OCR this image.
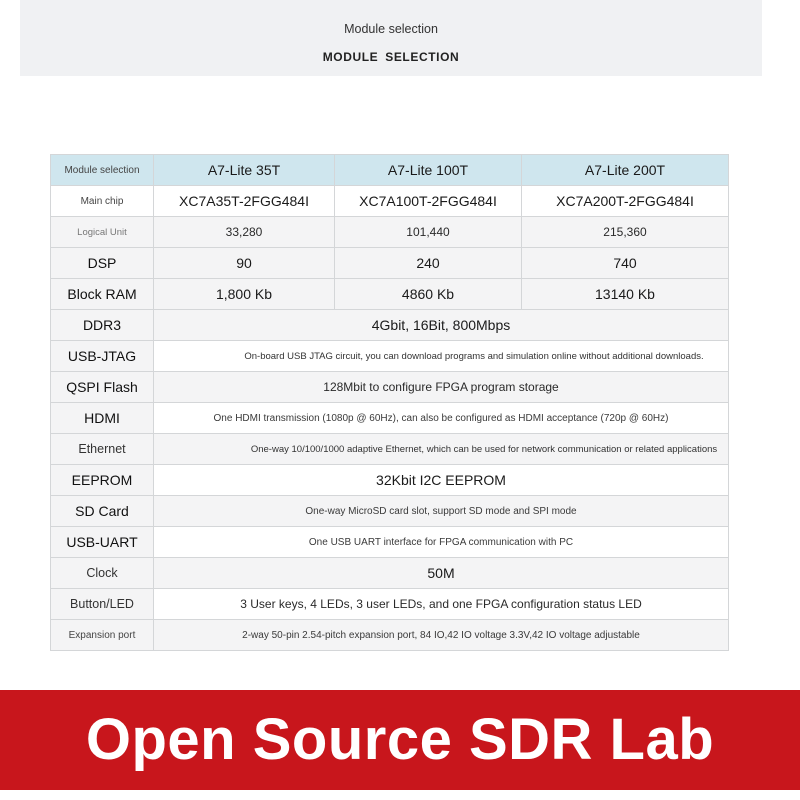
Module selection
MODULE SELECTION
Module selection	A7-Lite 35T	A7-Lite 100T	A7-Lite 200T
Main chip	XC7A35T-2FGG484I	XC7A100T-2FGG484I	XC7A200T-2FGG484I
Logical Unit	33,280	101,440	215,360
DSP	90	240	740
Block RAM	1,800 Kb	4860 Kb	13140 Kb
DDR3	4Gbit, 16Bit, 800Mbps		
USB-JTAG	On-board USB JTAG circuit, you can download programs and simulation online without additional downloads.		
QSPI Flash	128Mbit to configure FPGA program storage		
HDMI	One HDMI transmission (1080p @ 60Hz), can also be configured as HDMI acceptance (720p @ 60Hz)		
Ethernet	One-way 10/100/1000 adaptive Ethernet, which can be used for network communication or related applications		
EEPROM	32Kbit I2C EEPROM		
SD Card	One-way MicroSD card slot, support SD mode and SPI mode		
USB-UART	One USB UART interface for FPGA communication with PC		
Clock	50M		
Button/LED	3 User keys, 4 LEDs, 3 user LEDs, and one FPGA configuration status LED		
Expansion port	2-way 50-pin 2.54-pitch expansion port, 84 IO,42 IO voltage 3.3V,42 IO voltage adjustable		
Open Source SDR Lab
